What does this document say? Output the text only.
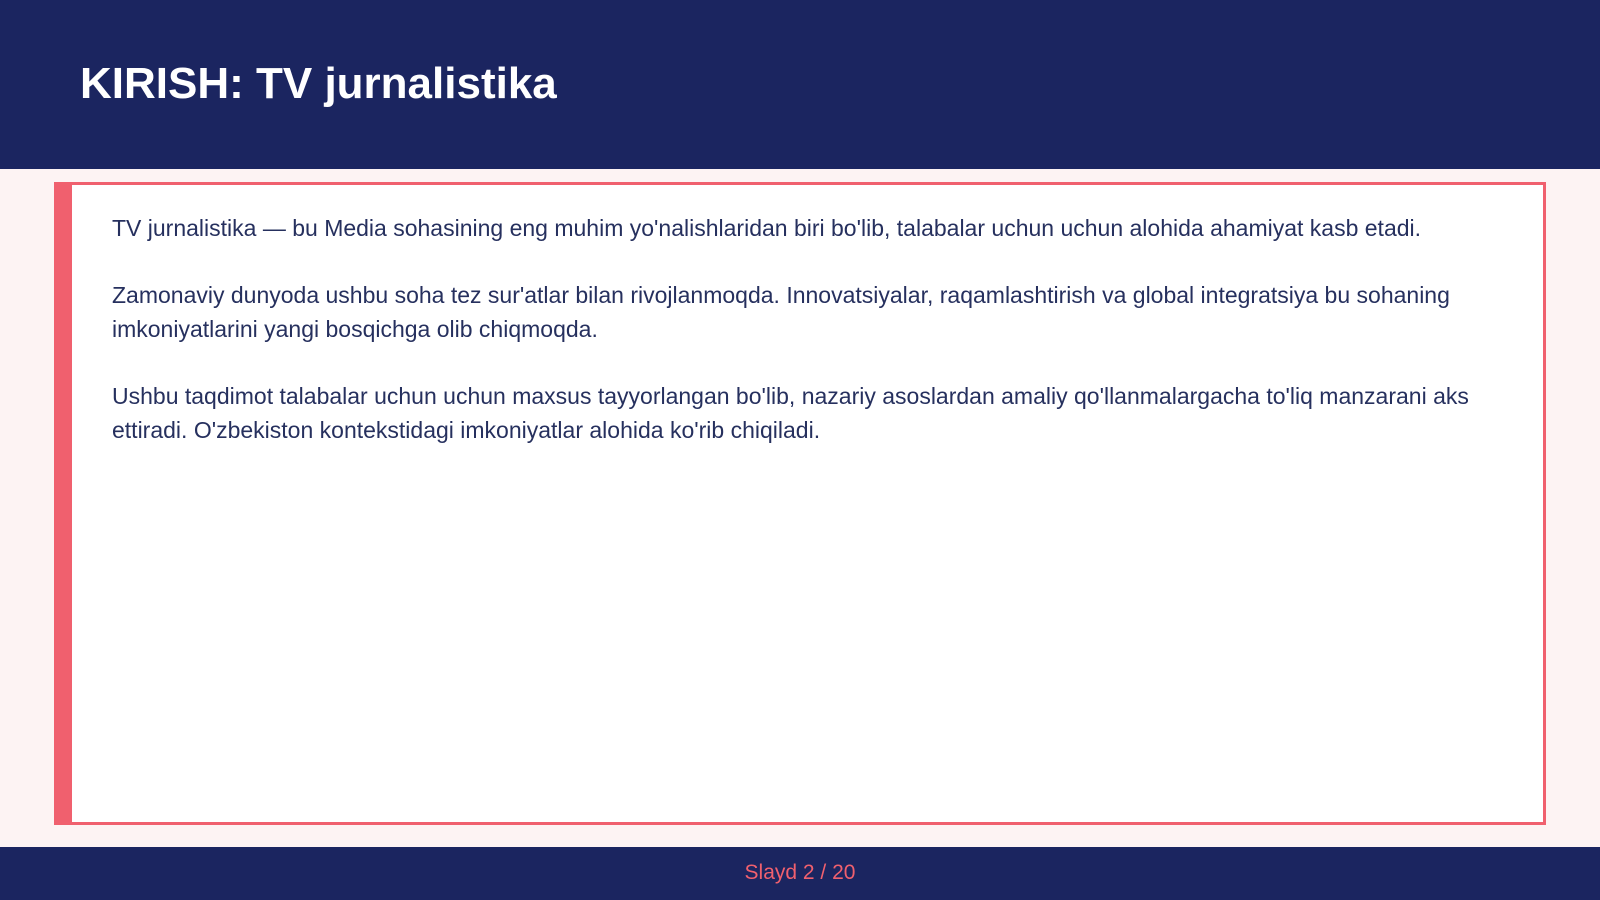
KIRISH: TV jurnalistika

TV jurnalistika — bu Media sohasining eng muhim yo'nalishlaridan biri bo'lib, talabalar uchun uchun alohida ahamiyat kasb etadi.

Zamonaviy dunyoda ushbu soha tez sur'atlar bilan rivojlanmoqda. Innovatsiyalar, raqamlashtirish va global integratsiya bu sohaning imkoniyatlarini yangi bosqichga olib chiqmoqda.

Ushbu taqdimot talabalar uchun uchun maxsus tayyorlangan bo'lib, nazariy asoslardan amaliy qo'llanmalargacha to'liq manzarani aks ettiradi. O'zbekiston kontekstidagi imkoniyatlar alohida ko'rib chiqiladi.

Slayd 2 / 20
